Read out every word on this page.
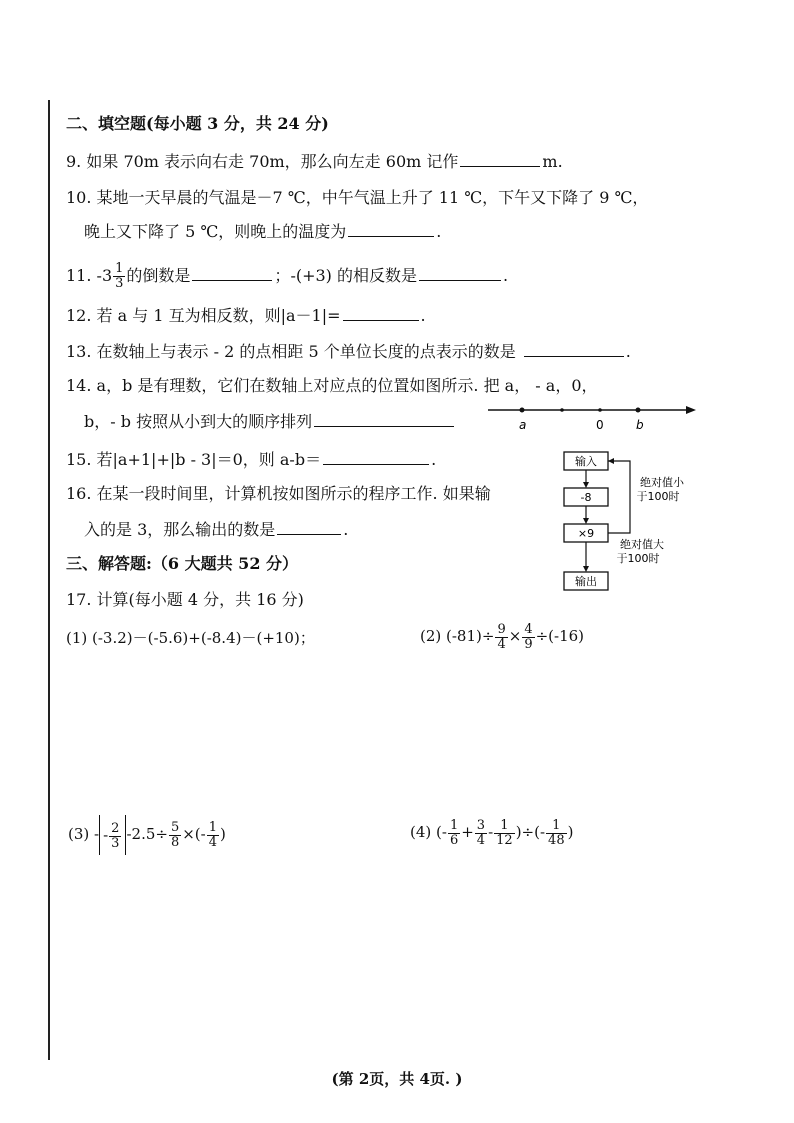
二、填空题(每小题 3 分，共 24 分)
9. 如果 70m 表示向右走 70m，那么向左走 60m 记作	m.
10. 某地一天早晨的气温是－7 ℃，中午气温上升了 11 ℃，下午又下降了 9 ℃，
晚上又下降了 5 ℃，则晚上的温度为	.
11. $-3 \frac{1}{3}$ 的倒数是	；-(+3) 的相反数是	.
12. 若 a 与 1 互为相反数，则|a－1|=	.
13. 在数轴上与表示 - 2 的点相距 5 个单位长度的点表示的数是	.
14. a，b 是有理数，它们在数轴上对应点的位置如图所示. 把 a， - a，0，
b，- b 按照从小到大的顺序排列	a	0	b
15. 若|a+1|+|b - 3|＝0，则 a-b＝	.
16. 在某一段时间里，计算机按如图所示的程序工作. 如果输
入的是 3，那么输出的数是	.
输入
-8
×9
绝对值小
于100时
绝对值大
于100时
输出
三、解答题:（6 大题共 52 分）
17. 计算(每小题 4 分，共 16 分)
(1) (-3.2)－(-5.6)+(-8.4)－(+10)；	(2) $(-81)\div \frac{9}{4} \times \frac{4}{9} \div(-16)$
(3) - - $\frac{2}{3} -2.5\div \frac{5}{8}$ ×(- $\frac{1}{4}$ )	(4) (- $\frac{1}{6} + \frac{3}{4} - \frac{1}{12}$ )÷(- $\frac{1}{48}$ )
(第 2页，共 4页. )
